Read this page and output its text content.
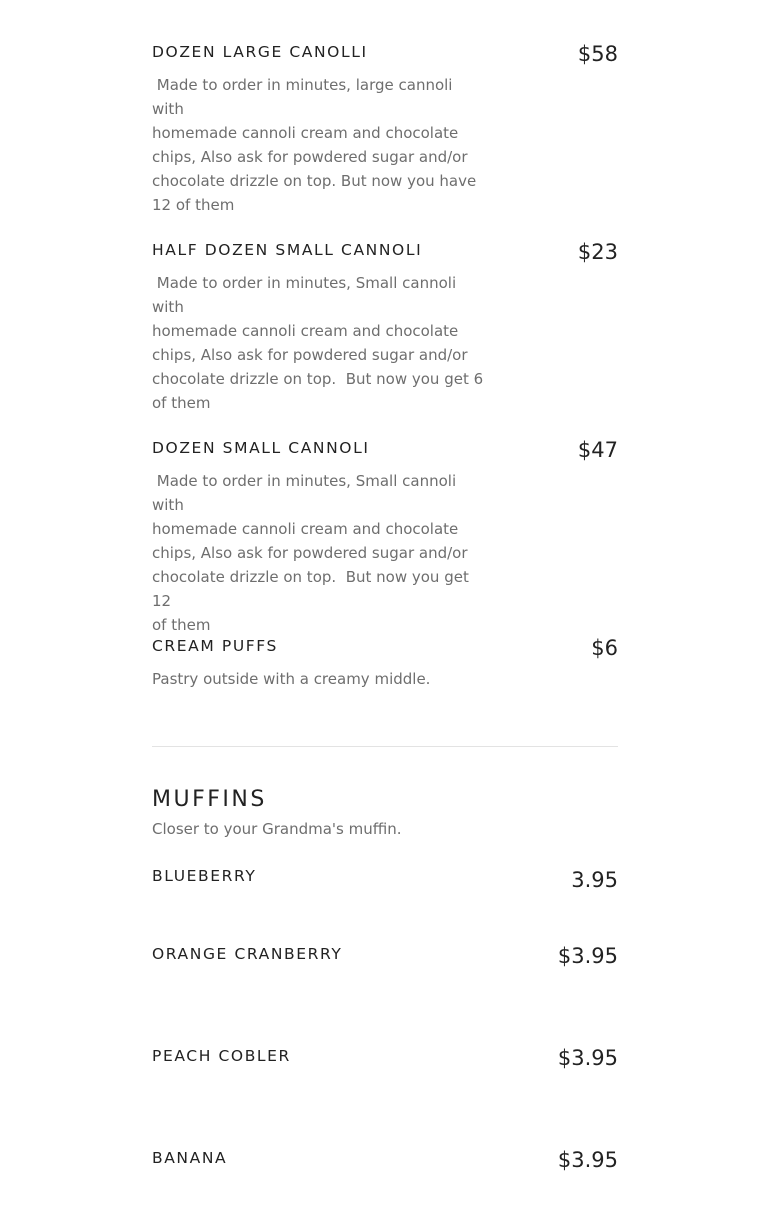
DOZEN LARGE CANOLLI	$58
Made to order in minutes, large cannoli with
homemade cannoli cream and chocolate
chips, Also ask for powdered sugar and/or
chocolate drizzle on top. But now you have
12 of them
HALF DOZEN SMALL CANNOLI	$23
Made to order in minutes, Small cannoli with
homemade cannoli cream and chocolate
chips, Also ask for powdered sugar and/or
chocolate drizzle on top.  But now you get 6
of them
DOZEN SMALL CANNOLI	$47
Made to order in minutes, Small cannoli with
homemade cannoli cream and chocolate
chips, Also ask for powdered sugar and/or
chocolate drizzle on top.  But now you get 12
of them
CREAM PUFFS	$6
Pastry outside with a creamy middle.
MUFFINS
Closer to your Grandma's muffin.
BLUEBERRY	3.95
ORANGE CRANBERRY	$3.95
PEACH COBLER	$3.95
BANANA	$3.95
